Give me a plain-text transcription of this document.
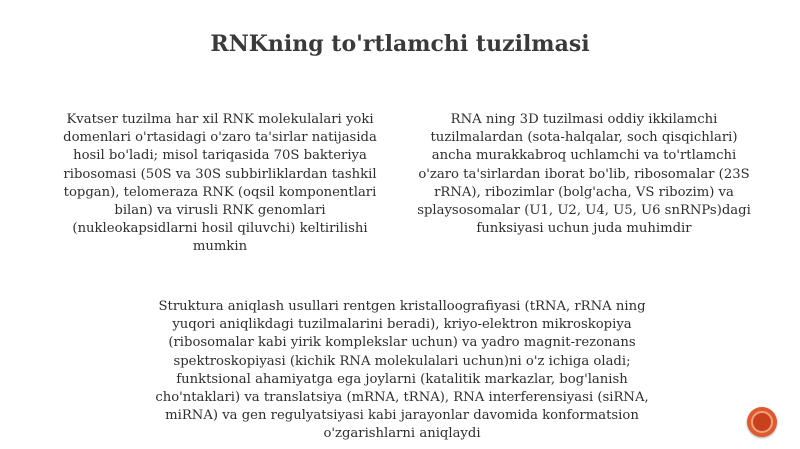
RNKning to'rtlamchi tuzilmasi

Kvatser tuzilma har xil RNK molekulalari yoki domenlari o'rtasidagi o'zaro ta'sirlar natijasida hosil bo'ladi; misol tariqasida 70S bakteriya ribosomasi (50S va 30S subbirliklardan tashkil topgan), telomeraza RNK (oqsil komponentlari bilan) va virusli RNK genomlari (nukleokapsidlarni hosil qiluvchi) keltirilishi mumkin

RNA ning 3D tuzilmasi oddiy ikkilamchi tuzilmalardan (sota-halqalar, soch qisqichlari) ancha murakkabroq uchlamchi va to'rtlamchi o'zaro ta'sirlardan iborat bo'lib, ribosomalar (23S rRNA), ribozimlar (bolg'acha, VS ribozim) va splaysosomalar (U1, U2, U4, U5, U6 snRNPs)dagi funksiyasi uchun juda muhimdir

Struktura aniqlash usullari rentgen kristalloografiyasi (tRNA, rRNA ning yuqori aniqlikdagi tuzilmalarini beradi), kriyo-elektron mikroskopiya (ribosomalar kabi yirik komplekslar uchun) va yadro magnit-rezonans spektroskopiyasi (kichik RNA molekulalari uchun)ni o'z ichiga oladi; funktsional ahamiyatga ega joylarni (katalitik markazlar, bog'lanish cho'ntaklari) va translatsiya (mRNA, tRNA), RNA interferensiyasi (siRNA, miRNA) va gen regulyatsiyasi kabi jarayonlar davomida konformatsion o'zgarishlarni aniqlaydi
